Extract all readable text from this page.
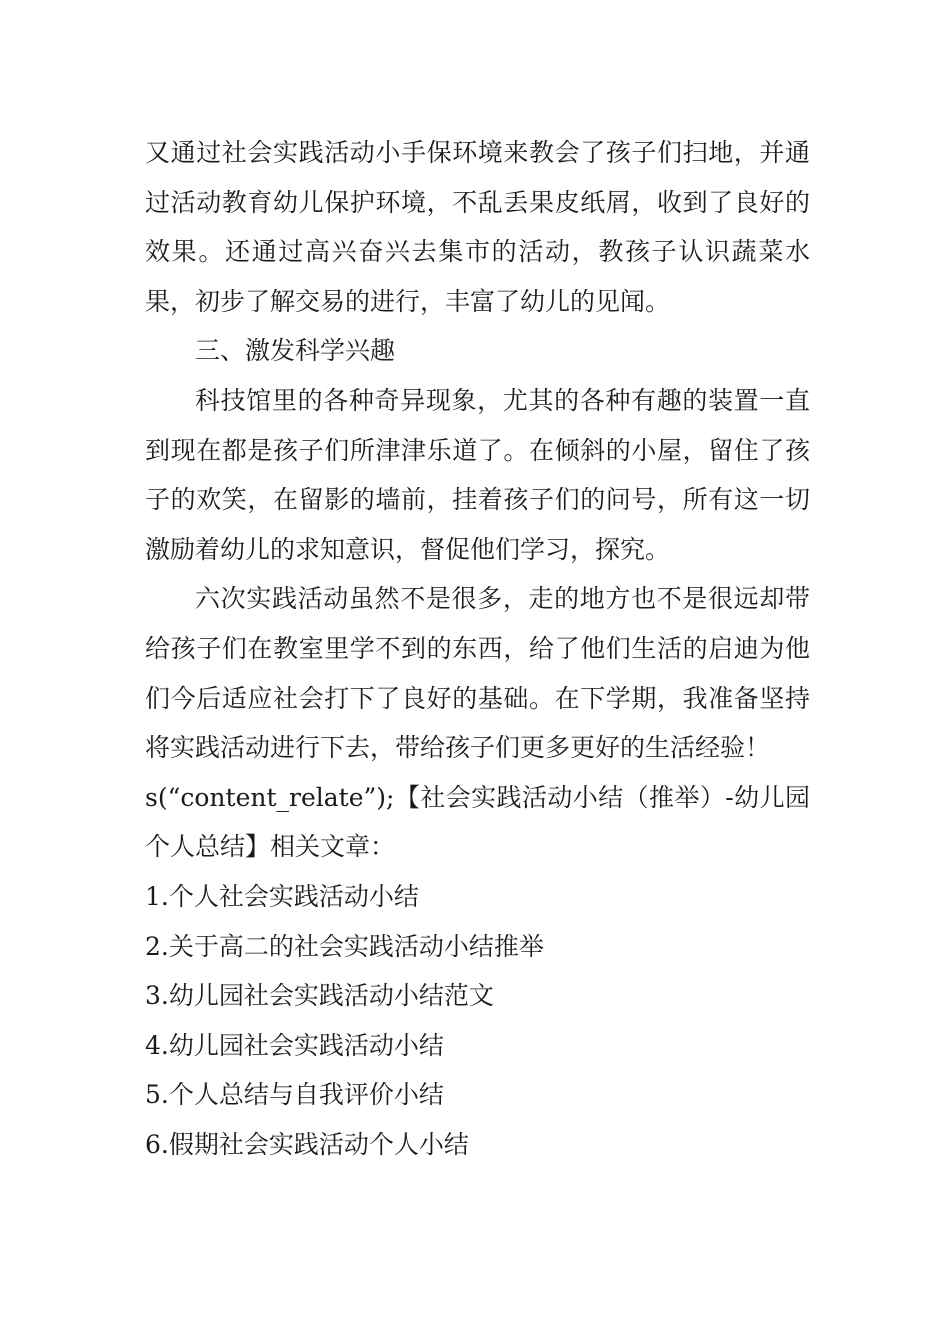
又通过社会实践活动小手保环境来教会了孩子们扫地，并通过活动教育幼儿保护环境，不乱丢果皮纸屑，收到了良好的效果。还通过高兴奋兴去集市的活动，教孩子认识蔬菜水果，初步了解交易的进行，丰富了幼儿的见闻。

三、激发科学兴趣

科技馆里的各种奇异现象，尤其的各种有趣的装置一直到现在都是孩子们所津津乐道了。在倾斜的小屋，留住了孩子的欢笑，在留影的墙前，挂着孩子们的问号，所有这一切激励着幼儿的求知意识，督促他们学习，探究。

六次实践活动虽然不是很多，走的地方也不是很远却带给孩子们在教室里学不到的东西，给了他们生活的启迪为他们今后适应社会打下了良好的基础。在下学期，我准备坚持将实践活动进行下去，带给孩子们更多更好的生活经验！

s(“content_relate”);【社会实践活动小结（推举）-幼儿园个人总结】相关文章：

1.个人社会实践活动小结
2.关于高二的社会实践活动小结推举
3.幼儿园社会实践活动小结范文
4.幼儿园社会实践活动小结
5.个人总结与自我评价小结
6.假期社会实践活动个人小结
